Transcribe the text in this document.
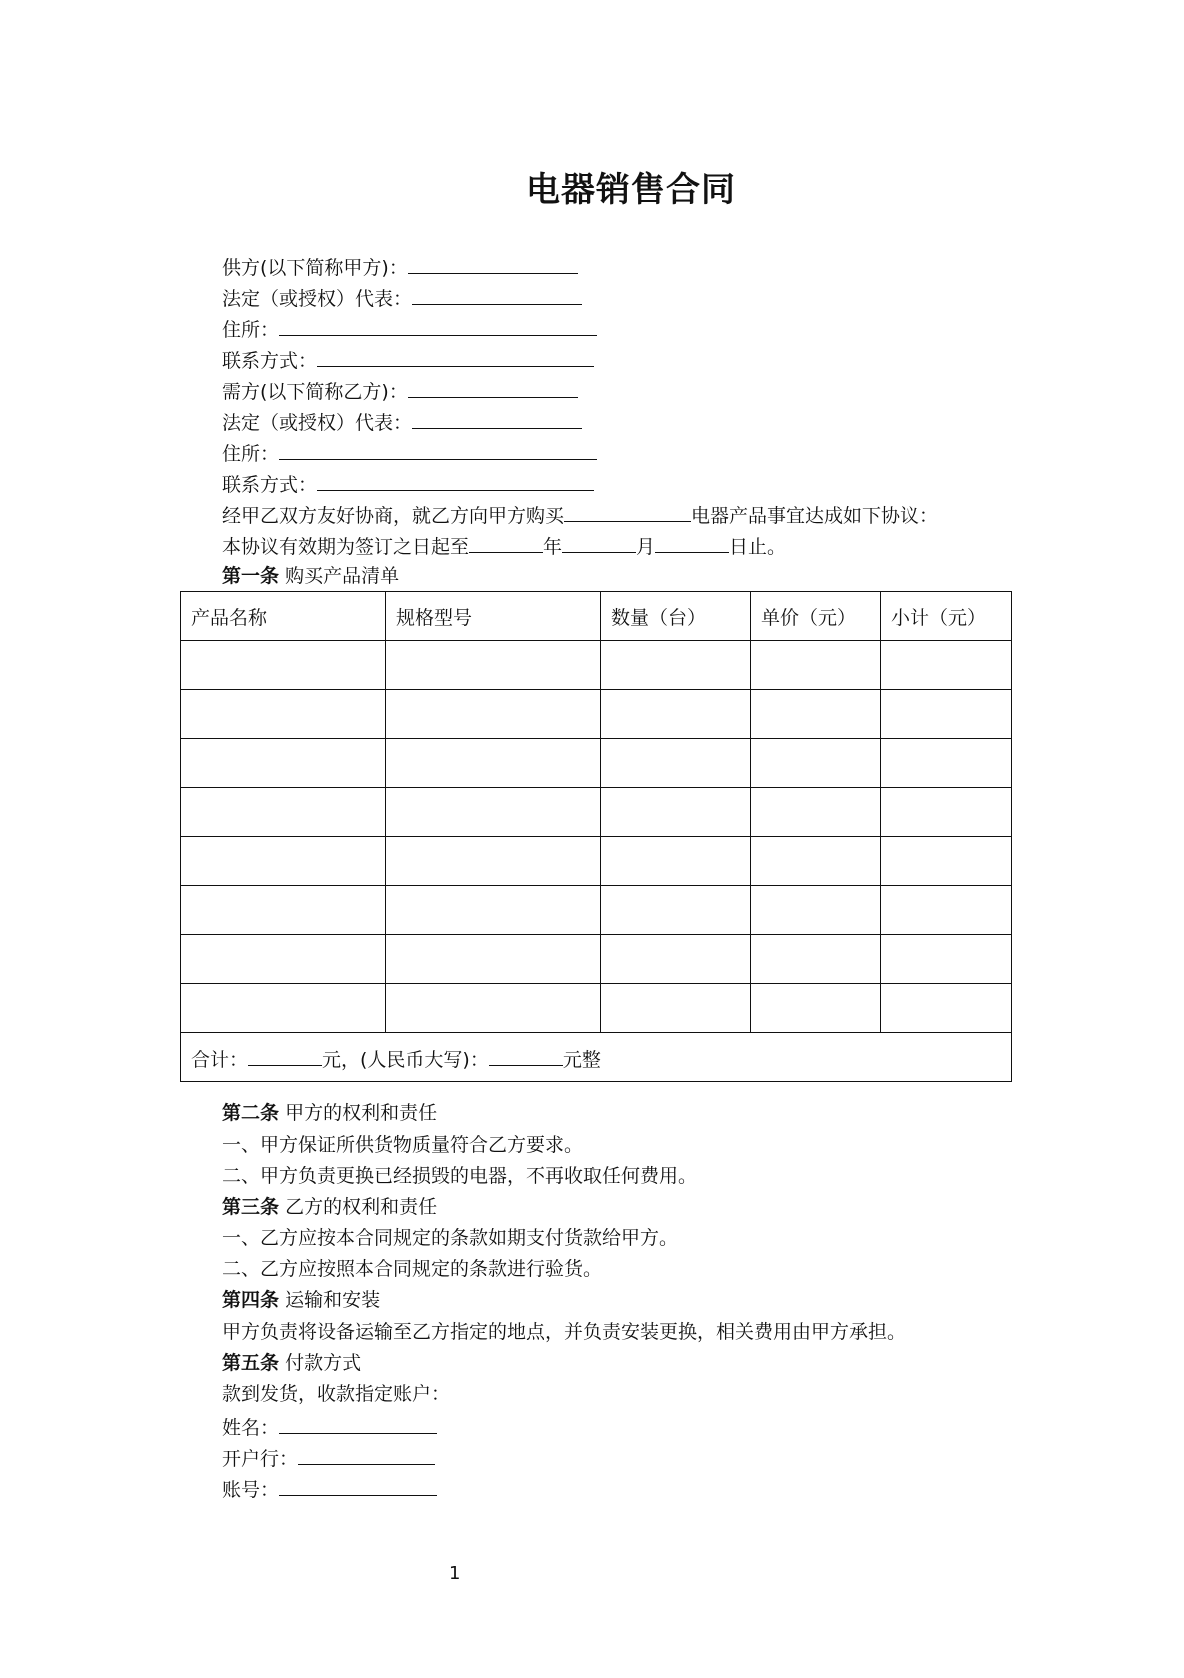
电器销售合同
供方(以下简称甲方)：
法定（或授权）代表：
住所：
联系方式：
需方(以下简称乙方)：
法定（或授权）代表：
住所：
联系方式：
经甲乙双方友好协商，就乙方向甲方购买	电器产品事宜达成如下协议：
本协议有效期为签订之日起至	年	月	日止。
第一条 购买产品清单
产品名称	规格型号	数量（台）	单价（元）	小计（元）

合计： 元，(人民币大写)： 元整				
第二条 甲方的权利和责任
一、甲方保证所供货物质量符合乙方要求。
二、甲方负责更换已经损毁的电器，不再收取任何费用。
第三条 乙方的权利和责任
一、乙方应按本合同规定的条款如期支付货款给甲方。
二、乙方应按照本合同规定的条款进行验货。
第四条 运输和安装
甲方负责将设备运输至乙方指定的地点，并负责安装更换，相关费用由甲方承担。
第五条 付款方式
款到发货，收款指定账户：
姓名：
开户行：
账号：
1
